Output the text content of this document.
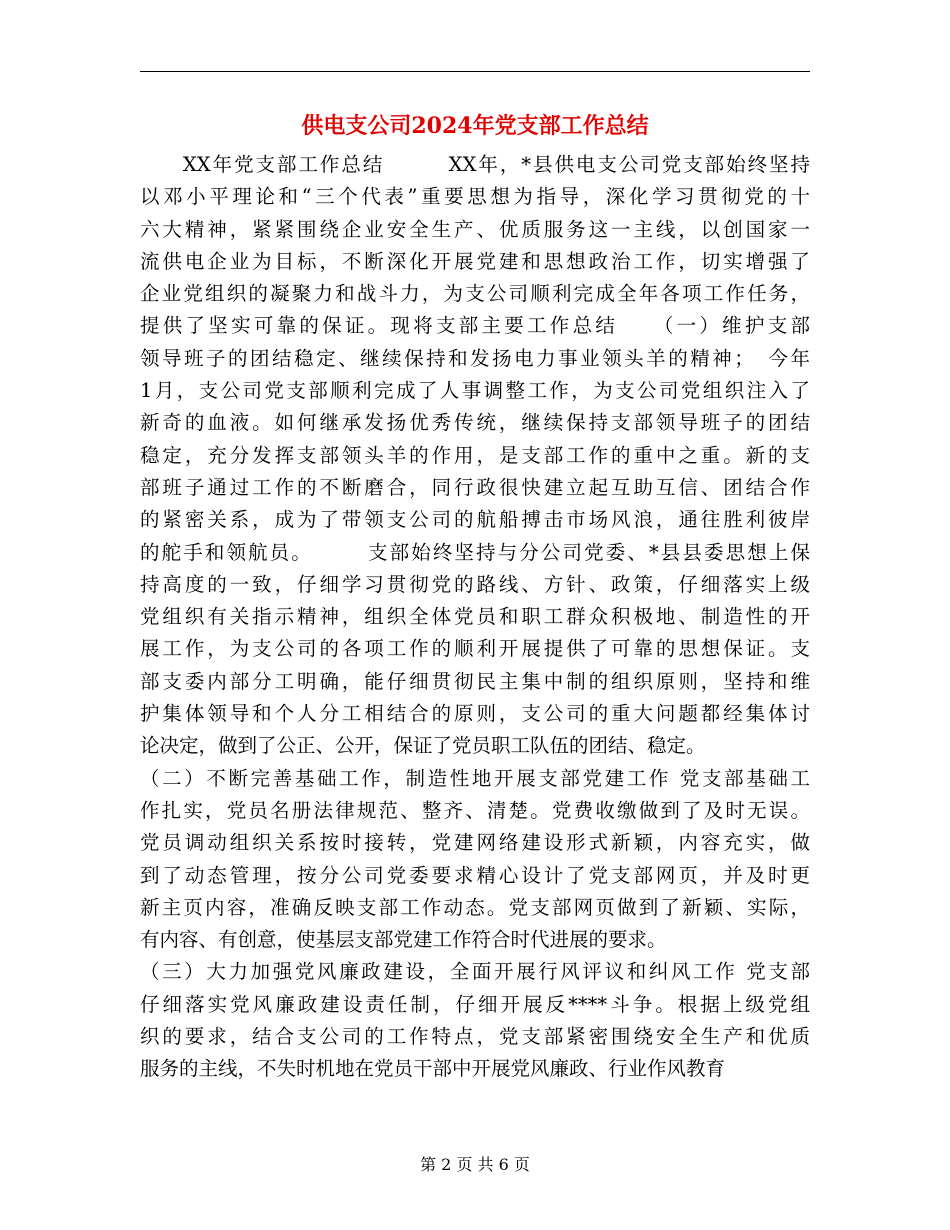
供电支公司2024年党支部工作总结
　　XX年党支部工作总结　　　XX年，*县供电支公司党支部始终坚持
以邓小平理论和“三个代表”重要思想为指导，深化学习贯彻党的十
六大精神，紧紧围绕企业安全生产、优质服务这一主线，以创国家一
流供电企业为目标，不断深化开展党建和思想政治工作，切实增强了
企业党组织的凝聚力和战斗力，为支公司顺利完成全年各项工作任务，
提供了坚实可靠的保证。现将支部主要工作总结　　（一）维护支部
领导班子的团结稳定、继续保持和发扬电力事业领头羊的精神；　今年
1月，支公司党支部顺利完成了人事调整工作，为支公司党组织注入了
新奇的血液。如何继承发扬优秀传统，继续保持支部领导班子的团结
稳定，充分发挥支部领头羊的作用，是支部工作的重中之重。新的支
部班子通过工作的不断磨合，同行政很快建立起互助互信、团结合作
的紧密关系，成为了带领支公司的航船搏击市场风浪，通往胜利彼岸
的舵手和领航员。　　　支部始终坚持与分公司党委、*县县委思想上保
持高度的一致，仔细学习贯彻党的路线、方针、政策，仔细落实上级
党组织有关指示精神，组织全体党员和职工群众积极地、制造性的开
展工作，为支公司的各项工作的顺利开展提供了可靠的思想保证。支
部支委内部分工明确，能仔细贯彻民主集中制的组织原则，坚持和维
护集体领导和个人分工相结合的原则，支公司的重大问题都经集体讨
论决定，做到了公正、公开，保证了党员职工队伍的团结、稳定。
（二）不断完善基础工作，制造性地开展支部党建工作 党支部基础工
作扎实，党员名册法律规范、整齐、清楚。党费收缴做到了及时无误。
党员调动组织关系按时接转，党建网络建设形式新颖，内容充实，做
到了动态管理，按分公司党委要求精心设计了党支部网页，并及时更
新主页内容，准确反映支部工作动态。党支部网页做到了新颖、实际，
有内容、有创意，使基层支部党建工作符合时代进展的要求。
（三）大力加强党风廉政建设，全面开展行风评议和纠风工作 党支部
仔细落实党风廉政建设责任制，仔细开展反****斗争。根据上级党组
织的要求，结合支公司的工作特点，党支部紧密围绕安全生产和优质
服务的主线，不失时机地在党员干部中开展党风廉政、行业作风教育
第 2 页 共 6 页
